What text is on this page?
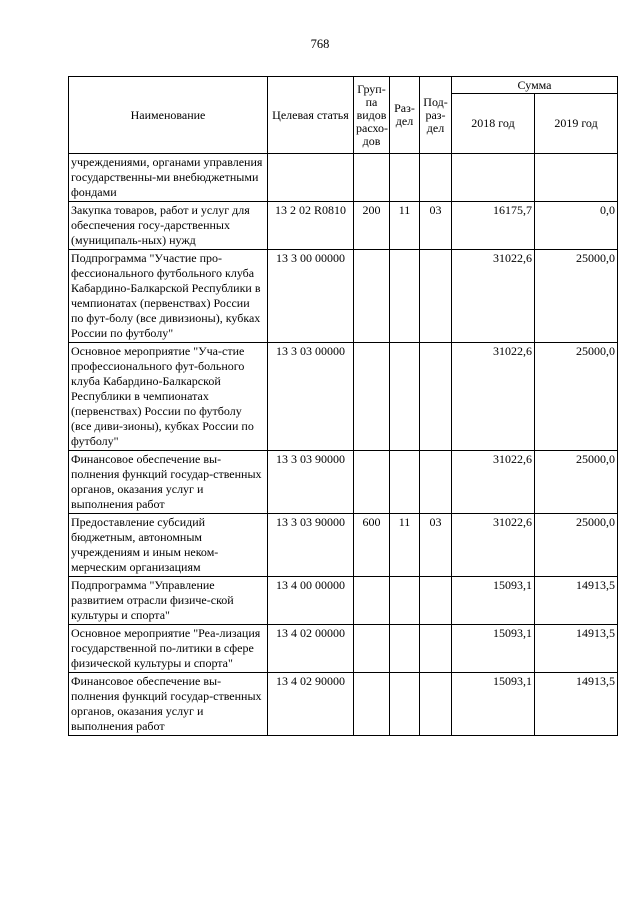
768
Наименование	Целевая статья	Груп-па видов расхо-дов	Раз-дел	Под-раз-дел	Сумма	
					2018 год	2019 год
учреждениями, органами управления государственны-ми внебюджетными фондами						
Закупка товаров, работ и услуг для обеспечения госу-дарственных (муниципаль-ных) нужд	13 2 02 R0810	200	11	03	16175,7	0,0
Подпрограмма "Участие про-фессионального футбольного клуба Кабардино-Балкарской Республики в чемпионатах (первенствах) России по фут-болу (все дивизионы), кубках России по футболу"	13 3 00 00000				31022,6	25000,0
Основное мероприятие "Уча-стие профессионального фут-больного клуба Кабардино-Балкарской Республики в чемпионатах (первенствах) России по футболу (все диви-зионы), кубках России по футболу"	13 3 03 00000				31022,6	25000,0
Финансовое обеспечение вы-полнения функций государ-ственных органов, оказания услуг и выполнения работ	13 3 03 90000				31022,6	25000,0
Предоставление субсидий бюджетным, автономным учреждениям и иным неком-мерческим организациям	13 3 03 90000	600	11	03	31022,6	25000,0
Подпрограмма "Управление развитием отрасли физиче-ской культуры и спорта"	13 4 00 00000				15093,1	14913,5
Основное мероприятие "Реа-лизация государственной по-литики в сфере физической культуры и спорта"	13 4 02 00000				15093,1	14913,5
Финансовое обеспечение вы-полнения функций государ-ственных органов, оказания услуг и выполнения работ	13 4 02 90000				15093,1	14913,5
